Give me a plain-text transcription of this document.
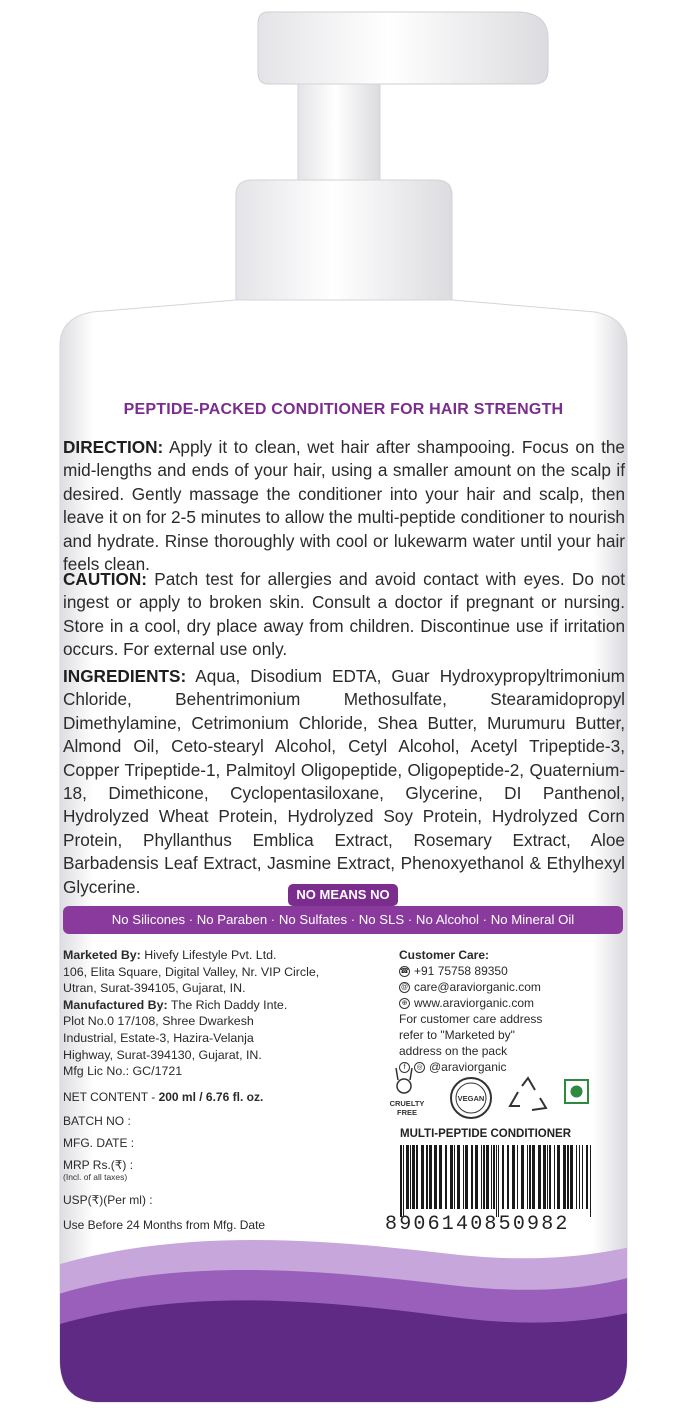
CRUELTY
FREE
VEGAN
PEPTIDE-PACKED CONDITIONER FOR HAIR STRENGTH
DIRECTION: Apply it to clean, wet hair after shampooing. Focus on the mid-lengths and ends of your hair, using a smaller amount on the scalp if desired. Gently massage the conditioner into your hair and scalp, then leave it on for 2-5 minutes to allow the multi-peptide conditioner to nourish and hydrate. Rinse thoroughly with cool or lukewarm water until your hair feels clean.
CAUTION: Patch test for allergies and avoid contact with eyes. Do not ingest or apply to broken skin. Consult a doctor if pregnant or nursing. Store in a cool, dry place away from children. Discontinue use if irritation occurs. For external use only.
INGREDIENTS: Aqua, Disodium EDTA, Guar Hydroxypropyltrimonium Chloride, Behentrimonium Methosulfate, Stearamidopropyl Dimethylamine, Cetrimonium Chloride, Shea Butter, Murumuru Butter, Almond Oil, Ceto-stearyl Alcohol, Cetyl Alcohol, Acetyl Tripeptide-3, Copper Tripeptide-1, Palmitoyl Oligopeptide, Oligopeptide-2, Quaternium-18, Dimethicone, Cyclopentasiloxane, Glycerine, DI Panthenol, Hydrolyzed Wheat Protein, Hydrolyzed Soy Protein, Hydrolyzed Corn Protein, Phyllanthus Emblica Extract, Rosemary Extract, Aloe Barbadensis Leaf Extract, Jasmine Extract, Phenoxyethanol & Ethylhexyl Glycerine.	NO MEANS NO
No Silicones · No Paraben · No Sulfates · No SLS · No Alcohol · No Mineral Oil
Marketed By: Hivefy Lifestyle Pvt. Ltd.
106, Elita Square, Digital Valley, Nr. VIP Circle,
Utran, Surat-394105, Gujarat, IN.
Manufactured By: The Rich Daddy Inte.
Plot No.0 17/108, Shree Dwarkesh
Industrial, Estate-3, Hazira-Velanja
Highway, Surat-394130, Gujarat, IN.
Mfg Lic No.: GC/1721
NET CONTENT - 200 ml / 6.76 fl. oz.
BATCH NO :
MFG. DATE :
MRP Rs.(₹) :
(Incl. of all taxes)
USP(₹)(Per ml) :
Use Before 24 Months from Mfg. Date
Customer Care:
☎ +91 75758 89350
@ care@araviorganic.com
⊕ www.araviorganic.com
For customer care address
refer to "Marketed by"
address on the pack
f	◎ @araviorganic
MULTI-PEPTIDE CONDITIONER
8906140850982
